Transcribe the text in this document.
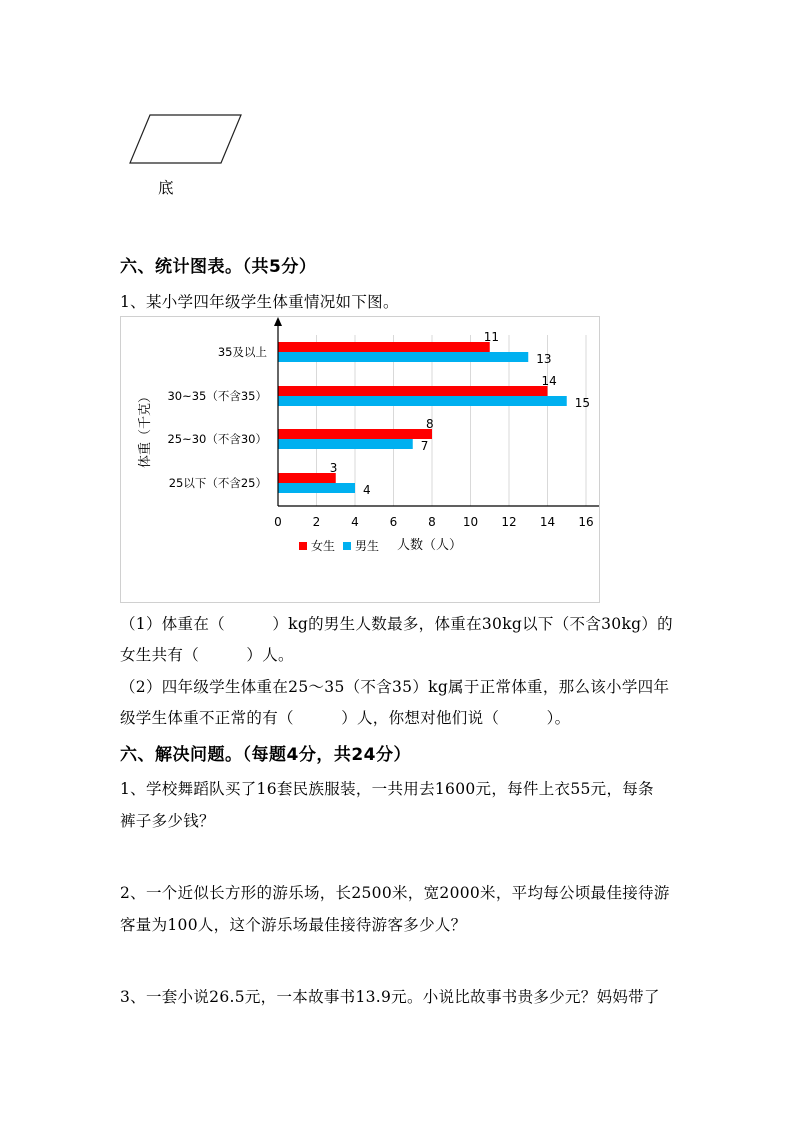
底
六、统计图表。（共5分）
1、某小学四年级学生体重情况如下图。
11
13
35及以上
14
15
30~35（不含35）
8
7
25~30（不含30）
3
4
25以下（不含25）
0	2	4	6	8 10 12 14 16
体重（千克）
女生 男生 人数（人）
（1）体重在（　　　）kg的男生人数最多，体重在30kg以下（不含30kg）的
女生共有（　　　）人。
（2）四年级学生体重在25～35（不含35）kg属于正常体重，那么该小学四年
级学生体重不正常的有（　　　）人，你想对他们说（　　　）。
六、解决问题。（每题4分，共24分）
1、学校舞蹈队买了16套民族服装，一共用去1600元，每件上衣55元，每条
裤子多少钱？
2、一个近似长方形的游乐场，长2500米，宽2000米，平均每公顷最佳接待游
客量为100人，这个游乐场最佳接待游客多少人？
3、一套小说26.5元，一本故事书13.9元。小说比故事书贵多少元？妈妈带了
